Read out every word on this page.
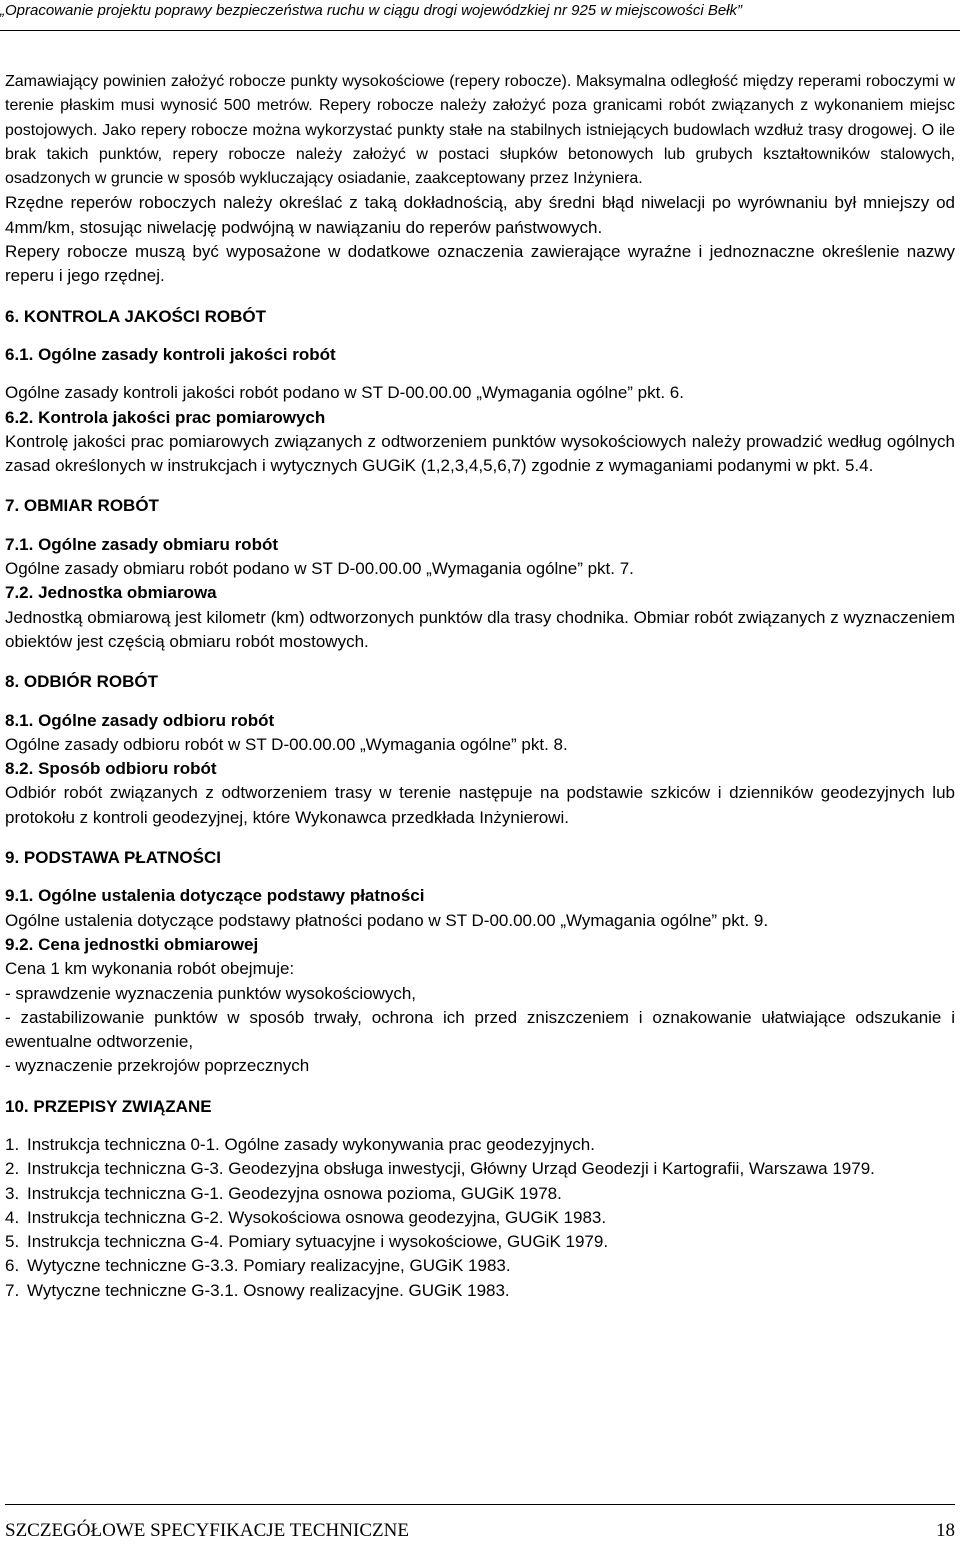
„Opracowanie projektu poprawy bezpieczeństwa ruchu w ciągu drogi wojewódzkiej nr 925 w miejscowości Bełk”

Zamawiający powinien założyć robocze punkty wysokościowe (repery robocze). Maksymalna odległość między reperami roboczymi w terenie płaskim musi wynosić 500 metrów. Repery robocze należy założyć poza granicami robót związanych z wykonaniem miejsc postojowych. Jako repery robocze można wykorzystać punkty stałe na stabilnych istniejących budowlach wzdłuż trasy drogowej. O ile brak takich punktów, repery robocze należy założyć w postaci słupków betonowych lub grubych kształtowników stalowych, osadzonych w gruncie w sposób wykluczający osiadanie, zaakceptowany przez Inżyniera.

Rzędne reperów roboczych należy określać z taką dokładnością, aby średni błąd niwelacji po wyrównaniu był mniejszy od 4mm/km, stosując niwelację podwójną w nawiązaniu do reperów państwowych.

Repery robocze muszą być wyposażone w dodatkowe oznaczenia zawierające wyraźne i jednoznaczne określenie nazwy reperu i jego rzędnej.

6. KONTROLA JAKOŚCI ROBÓT

6.1. Ogólne zasady kontroli jakości robót

Ogólne zasady kontroli jakości robót podano w ST D-00.00.00 „Wymagania ogólne” pkt. 6.

6.2. Kontrola jakości prac pomiarowych

Kontrolę jakości prac pomiarowych związanych z odtworzeniem punktów wysokościowych należy prowadzić według ogólnych zasad określonych w instrukcjach i wytycznych GUGiK (1,2,3,4,5,6,7) zgodnie z wymaganiami podanymi w pkt. 5.4.

7. OBMIAR ROBÓT

7.1. Ogólne zasady obmiaru robót

Ogólne zasady obmiaru robót podano w ST D-00.00.00 „Wymagania ogólne” pkt. 7.

7.2. Jednostka obmiarowa

Jednostką obmiarową jest kilometr (km) odtworzonych punktów dla trasy chodnika. Obmiar robót związanych z wyznaczeniem obiektów jest częścią obmiaru robót mostowych.

8. ODBIÓR ROBÓT

8.1. Ogólne zasady odbioru robót

Ogólne zasady odbioru robót w ST D-00.00.00 „Wymagania ogólne” pkt. 8.

8.2. Sposób odbioru robót

Odbiór robót związanych z odtworzeniem trasy w terenie następuje na podstawie szkiców i dzienników geodezyjnych lub protokołu z kontroli geodezyjnej, które Wykonawca przedkłada Inżynierowi.

9. PODSTAWA PŁATNOŚCI

9.1. Ogólne ustalenia dotyczące podstawy płatności

Ogólne ustalenia dotyczące podstawy płatności podano w ST D-00.00.00 „Wymagania ogólne” pkt. 9.

9.2. Cena jednostki obmiarowej

Cena 1 km wykonania robót obejmuje:

- sprawdzenie wyznaczenia punktów wysokościowych,

- zastabilizowanie punktów w sposób trwały, ochrona ich przed zniszczeniem i oznakowanie ułatwiające odszukanie i ewentualne odtworzenie,

- wyznaczenie przekrojów poprzecznych

10. PRZEPISY ZWIĄZANE

1. Instrukcja techniczna 0-1. Ogólne zasady wykonywania prac geodezyjnych.
2. Instrukcja techniczna G-3. Geodezyjna obsługa inwestycji, Główny Urząd Geodezji i Kartografii, Warszawa 1979.
3. Instrukcja techniczna G-1. Geodezyjna osnowa pozioma, GUGiK 1978.
4. Instrukcja techniczna G-2. Wysokościowa osnowa geodezyjna, GUGiK 1983.
5. Instrukcja techniczna G-4. Pomiary sytuacyjne i wysokościowe, GUGiK 1979.
6. Wytyczne techniczne G-3.3. Pomiary realizacyjne, GUGiK 1983.
7. Wytyczne techniczne G-3.1. Osnowy realizacyjne. GUGiK 1983.
SZCZEGÓŁOWE SPECYFIKACJE TECHNICZNE	18
